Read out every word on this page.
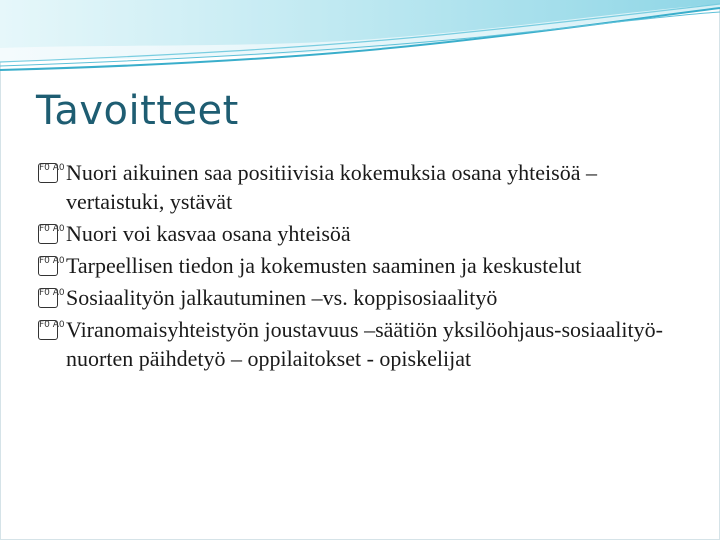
Tavoitteet
F0 A0 Nuori aikuinen saa positiivisia kokemuksia osana yhteisöä –vertaistuki, ystävät
F0 A0 Nuori voi kasvaa osana yhteisöä
F0 A0 Tarpeellisen tiedon ja kokemusten saaminen ja keskustelut
F0 A0 Sosiaalityön jalkautuminen –vs. koppisosiaalityö
F0 A0 Viranomaisyhteistyön joustavuus –säätiön yksilöohjaus-sosiaalityö-nuorten päihdetyö – oppilaitokset - opiskelijat
